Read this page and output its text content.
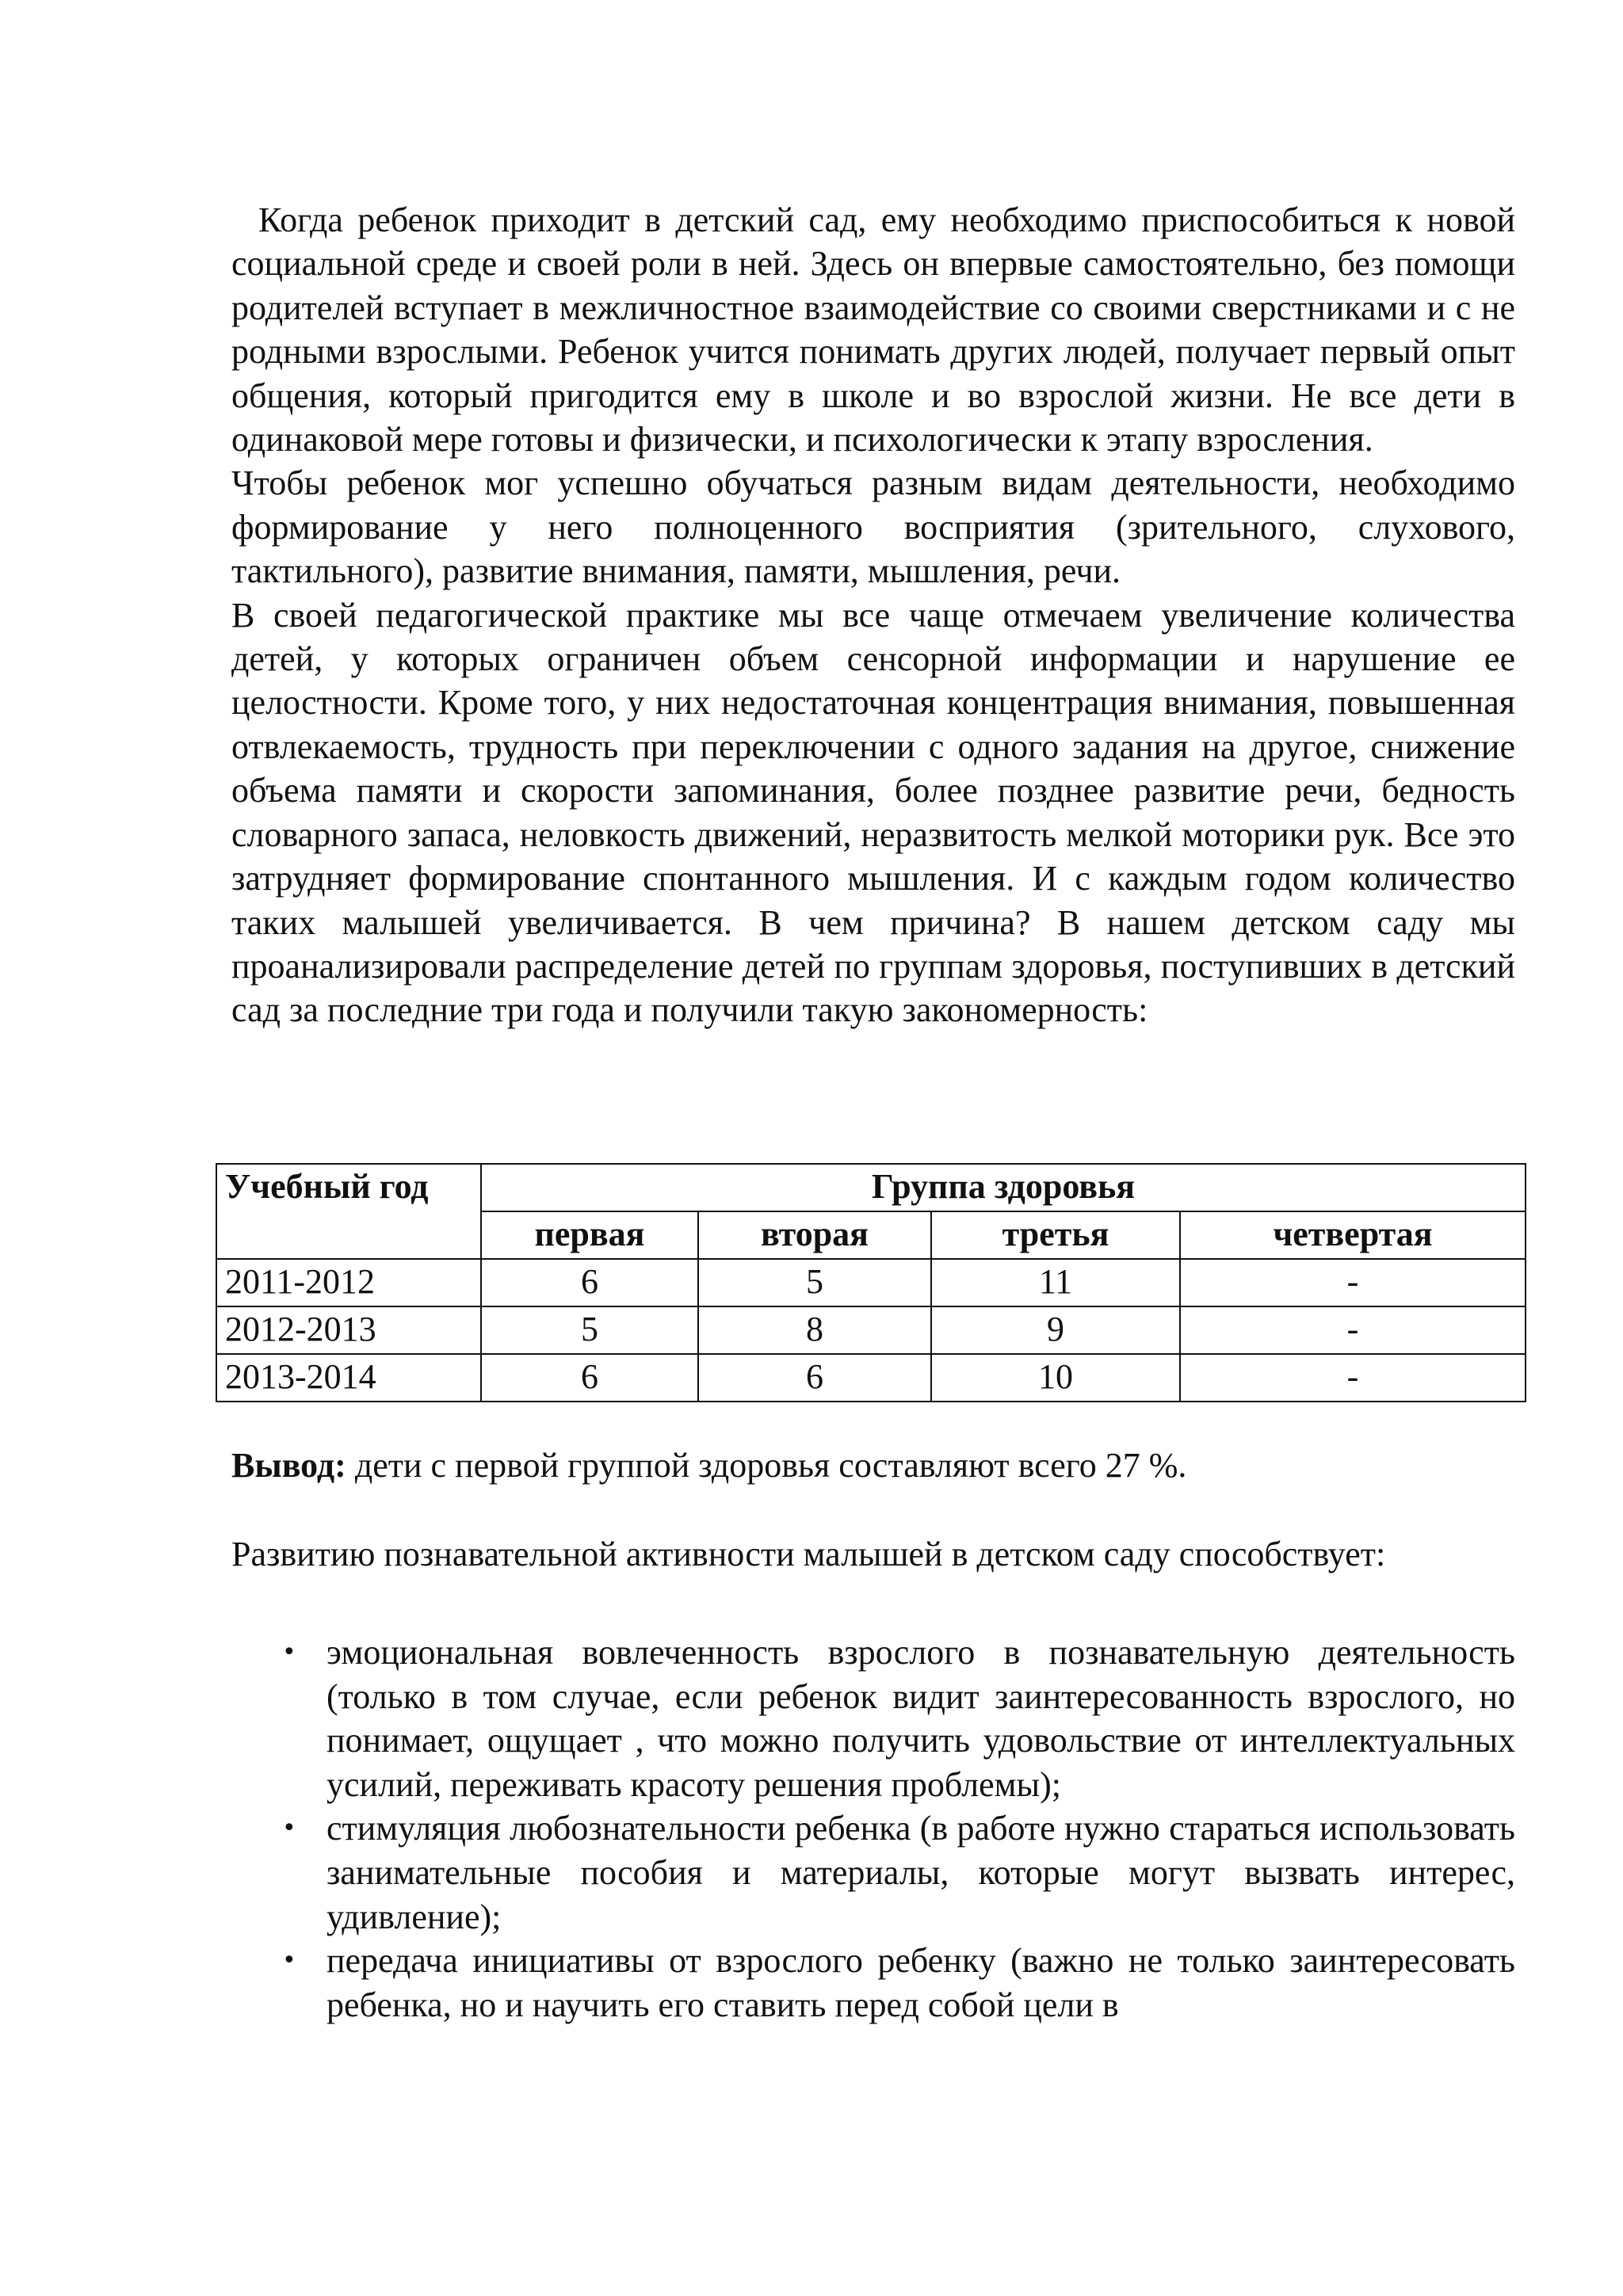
Когда ребенок приходит в детский сад, ему необходимо приспособиться к новой социальной среде и своей роли в ней. Здесь он впервые самостоятельно, без помощи родителей вступает в межличностное взаимодействие со своими сверстниками и с не родными взрослыми. Ребенок учится понимать других людей, получает первый опыт общения, который пригодится ему в школе и во взрослой жизни. Не все дети в одинаковой мере готовы и физически, и психологически к этапу взросления.

Чтобы ребенок мог успешно обучаться разным видам деятельности, необходимо формирование у него полноценного восприятия (зрительного, слухового, тактильного), развитие внимания, памяти, мышления, речи.

В своей педагогической практике мы все чаще отмечаем увеличение количества детей, у которых ограничен объем сенсорной информации и нарушение ее целостности. Кроме того, у них недостаточная концентрация внимания, повышенная отвлекаемость, трудность при переключении с одного задания на другое, снижение объема памяти и скорости запоминания, более позднее развитие речи, бедность словарного запаса, неловкость движений, неразвитость мелкой моторики рук. Все это затрудняет формирование спонтанного мышления. И с каждым годом количество таких малышей увеличивается. В чем причина? В нашем детском саду мы проанализировали распределение детей по группам здоровья, поступивших в детский сад за последние три года и получили такую закономерность:

Учебный год	Группа здоровья			
	первая	вторая	третья	четвертая
2011-2012	6	5	11	-
2012-2013	5	8	9	-
2013-2014	6	6	10	-

Вывод: дети с первой группой здоровья составляют всего 27 %.

Развитию познавательной активности малышей в детском саду способствует:

• эмоциональная вовлеченность взрослого в познавательную деятельность (только в том случае, если ребенок видит заинтересованность взрослого, но понимает, ощущает , что можно получить удовольствие от интеллектуальных усилий, переживать красоту решения проблемы);
• стимуляция любознательности ребенка (в работе нужно стараться использовать занимательные пособия и материалы, которые могут вызвать интерес, удивление);
• передача инициативы от взрослого ребенку (важно не только заинтересовать ребенка, но и научить его ставить перед собой цели в
